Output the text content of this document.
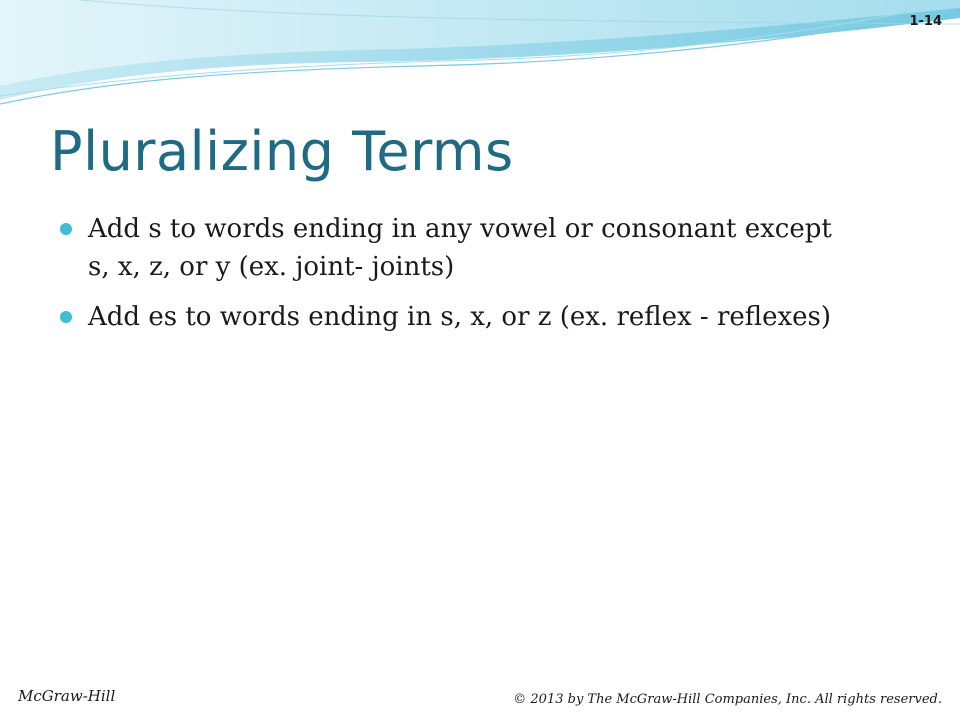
1-14
Pluralizing Terms
Add s to words ending in any vowel or consonant except s, x, z, or y (ex. joint- joints)
Add es to words ending in s, x, or z (ex. reflex - reflexes)
McGraw-Hill	© 2013 by The McGraw-Hill Companies, Inc. All rights reserved.
